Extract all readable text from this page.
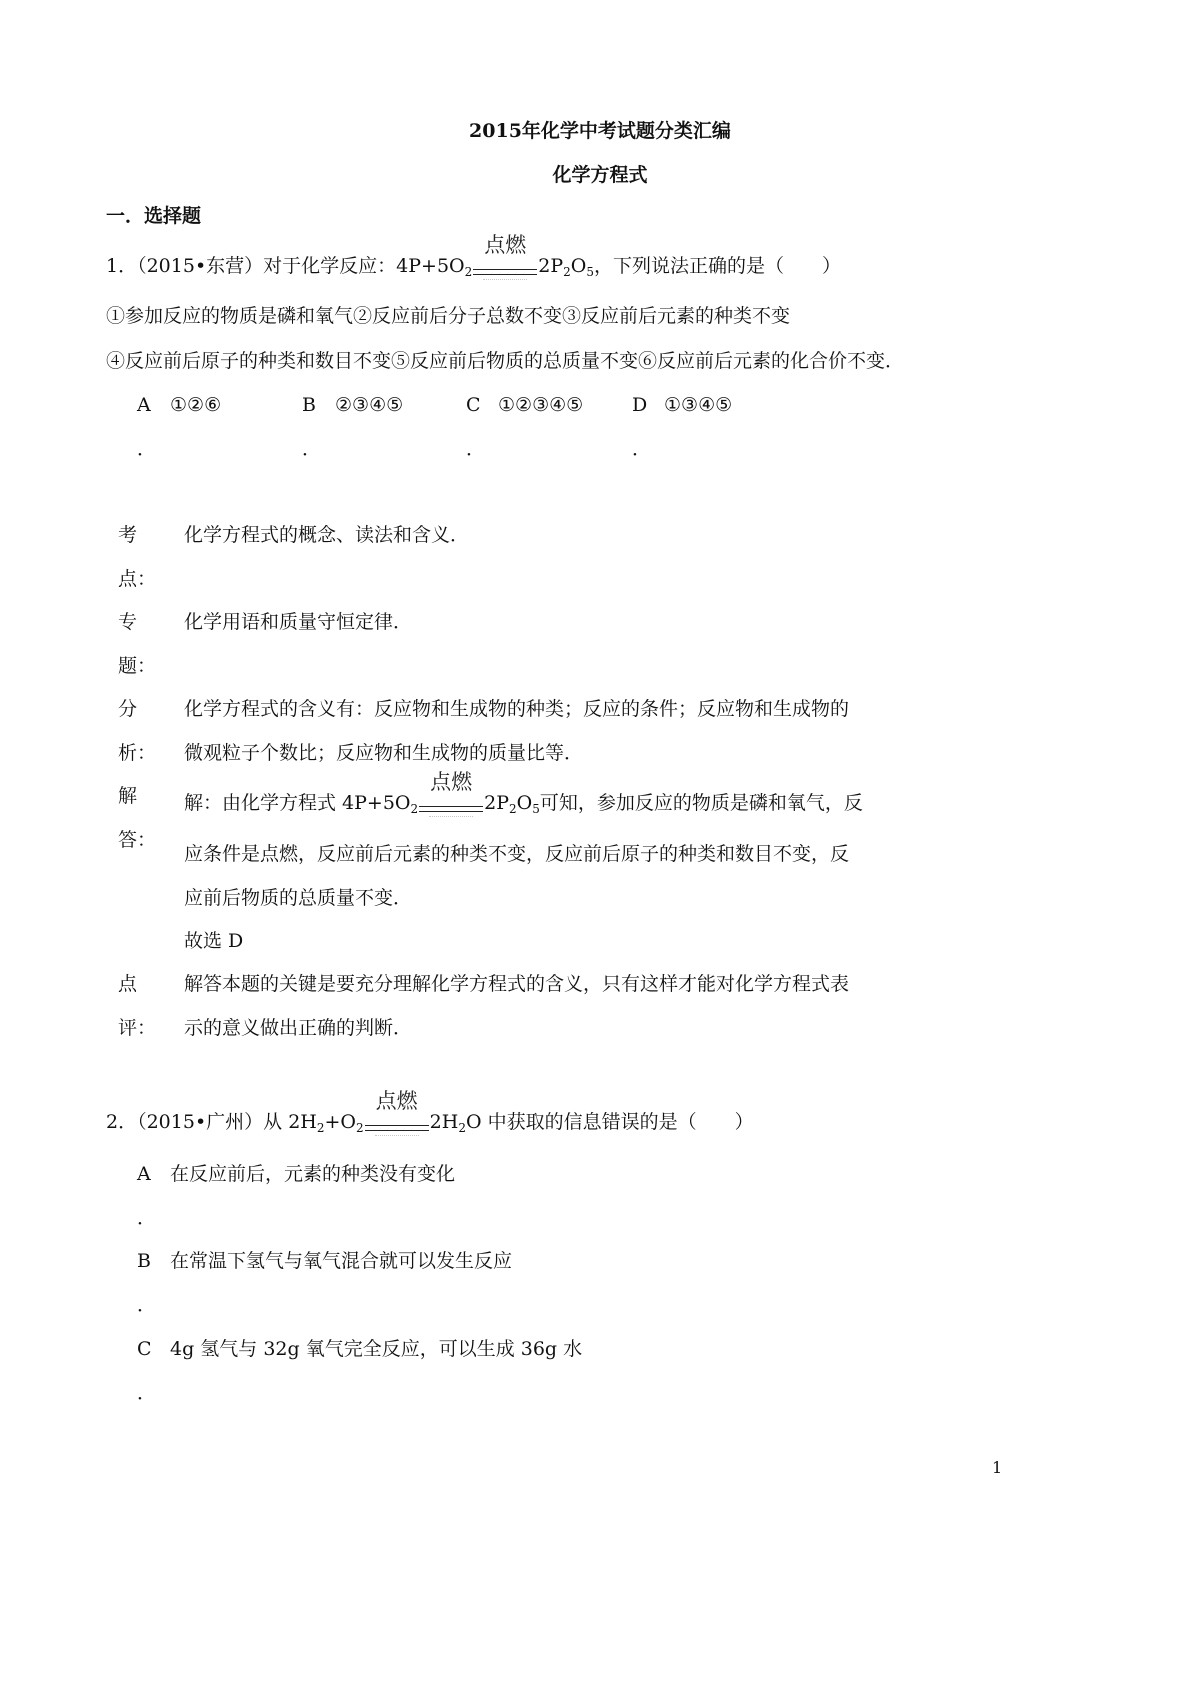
2015年化学中考试题分类汇编
化学方程式
一．选择题
1．（2015•东营）对于化学反应：$4P+5O_2$
点燃
$2P_2O_5$，下列说法正确的是（　　）
①参加反应的物质是磷和氧气②反应前后分子总数不变③反应前后元素的种类不变
④反应前后原子的种类和数目不变⑤反应前后物质的总质量不变⑥反应前后元素的化合价不变．
A ①②⑥
．
B ②③④⑤
．
C ①②③④⑤
．
D ①③④⑤
．
考
点：
化学方程式的概念、读法和含义．
专
题：
化学用语和质量守恒定律．
分
析：
化学方程式的含义有：反应物和生成物的种类；反应的条件；反应物和生成物的
微观粒子个数比；反应物和生成物的质量比等．
解
答：
解：由化学方程式 $4P+5O_2$
点燃
$2P_2O_5$可知，参加反应的物质是磷和氧气，反
应条件是点燃，反应前后元素的种类不变，反应前后原子的种类和数目不变，反
应前后物质的总质量不变．
故选 D
点
评：
解答本题的关键是要充分理解化学方程式的含义，只有这样才能对化学方程式表
示的意义做出正确的判断．
2．（2015•广州）从 $2H_2+O_2$
点燃
$2H_2O$ 中获取的信息错误的是（　　）
A 在反应前后，元素的种类没有变化
．
B 在常温下氢气与氧气混合就可以发生反应
．
C 4g 氢气与 32g 氧气完全反应，可以生成 36g 水
．
1
